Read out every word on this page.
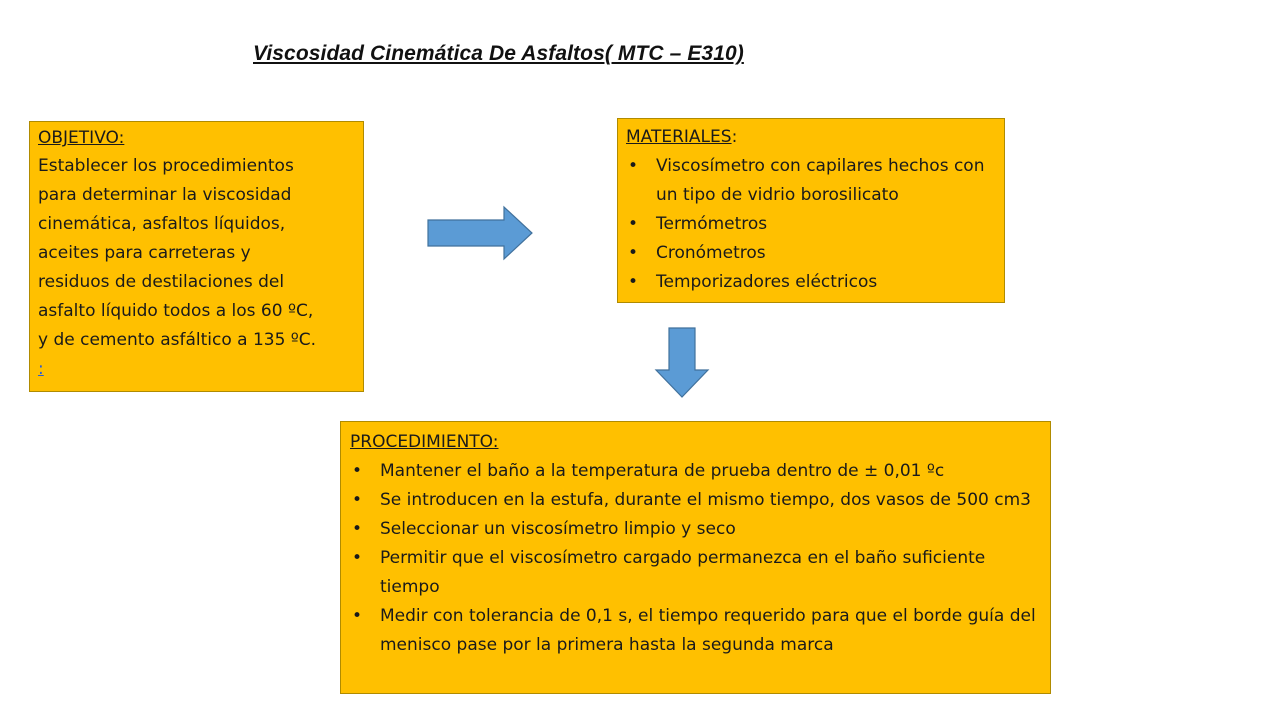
Viscosidad Cinemática De Asfaltos( MTC – E310)
OBJETIVO:
Establecer los procedimientos
para determinar la viscosidad
cinemática, asfaltos líquidos,
aceites para carreteras y
residuos de destilaciones del
asfalto líquido todos a los 60 ºC,
y de cemento asfáltico a 135 ºC.
:
MATERIALES:
• Viscosímetro con capilares hechos con un tipo de vidrio borosilicato
• Termómetros
• Cronómetros
• Temporizadores eléctricos
PROCEDIMIENTO:
• Mantener el baño a la temperatura de prueba dentro de ± 0,01 ºc
• Se introducen en la estufa, durante el mismo tiempo, dos vasos de 500 cm3
• Seleccionar un viscosímetro limpio y seco
• Permitir que el viscosímetro cargado permanezca en el baño suficiente tiempo
• Medir con tolerancia de 0,1 s, el tiempo requerido para que el borde guía del menisco pase por la primera hasta la segunda marca
